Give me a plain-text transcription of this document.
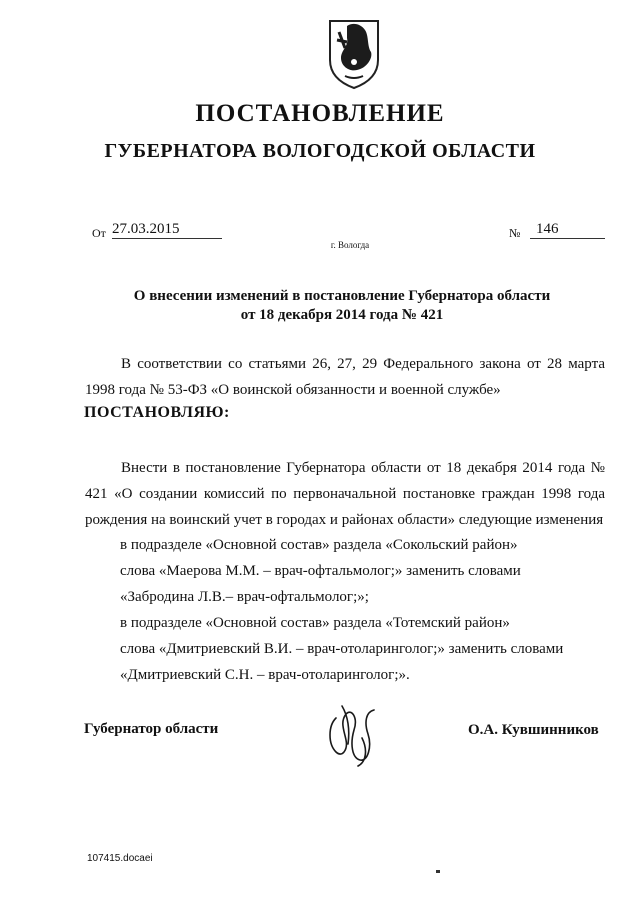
ПОСТАНОВЛЕНИЕ
ГУБЕРНАТОРА ВОЛОГОДСКОЙ ОБЛАСТИ
От 27.03.2015	№	146
г. Вологда
О внесении изменений в постановление Губернатора области
от 18 декабря 2014 года № 421
В соответствии со статьями 26, 27, 29 Федерального закона от 28 марта 1998 года № 53-ФЗ «О воинской обязанности и военной службе»
ПОСТАНОВЛЯЮ:
Внести в постановление Губернатора области от 18 декабря 2014 года № 421 «О создании комиссий по первоначальной постановке граждан 1998 года рождения на воинский учет в городах и районах области» следующие изменения
в подразделе «Основной состав» раздела «Сокольский район»
слова «Маерова М.М. – врач-офтальмолог;» заменить словами
«Забродина Л.В.– врач-офтальмолог;»;
в подразделе «Основной состав» раздела «Тотемский район»
слова «Дмитриевский В.И. – врач-отоларинголог;» заменить словами
«Дмитриевский С.Н. – врач-отоларинголог;».
Губернатор области	О.А. Кувшинников
107415.docaei
